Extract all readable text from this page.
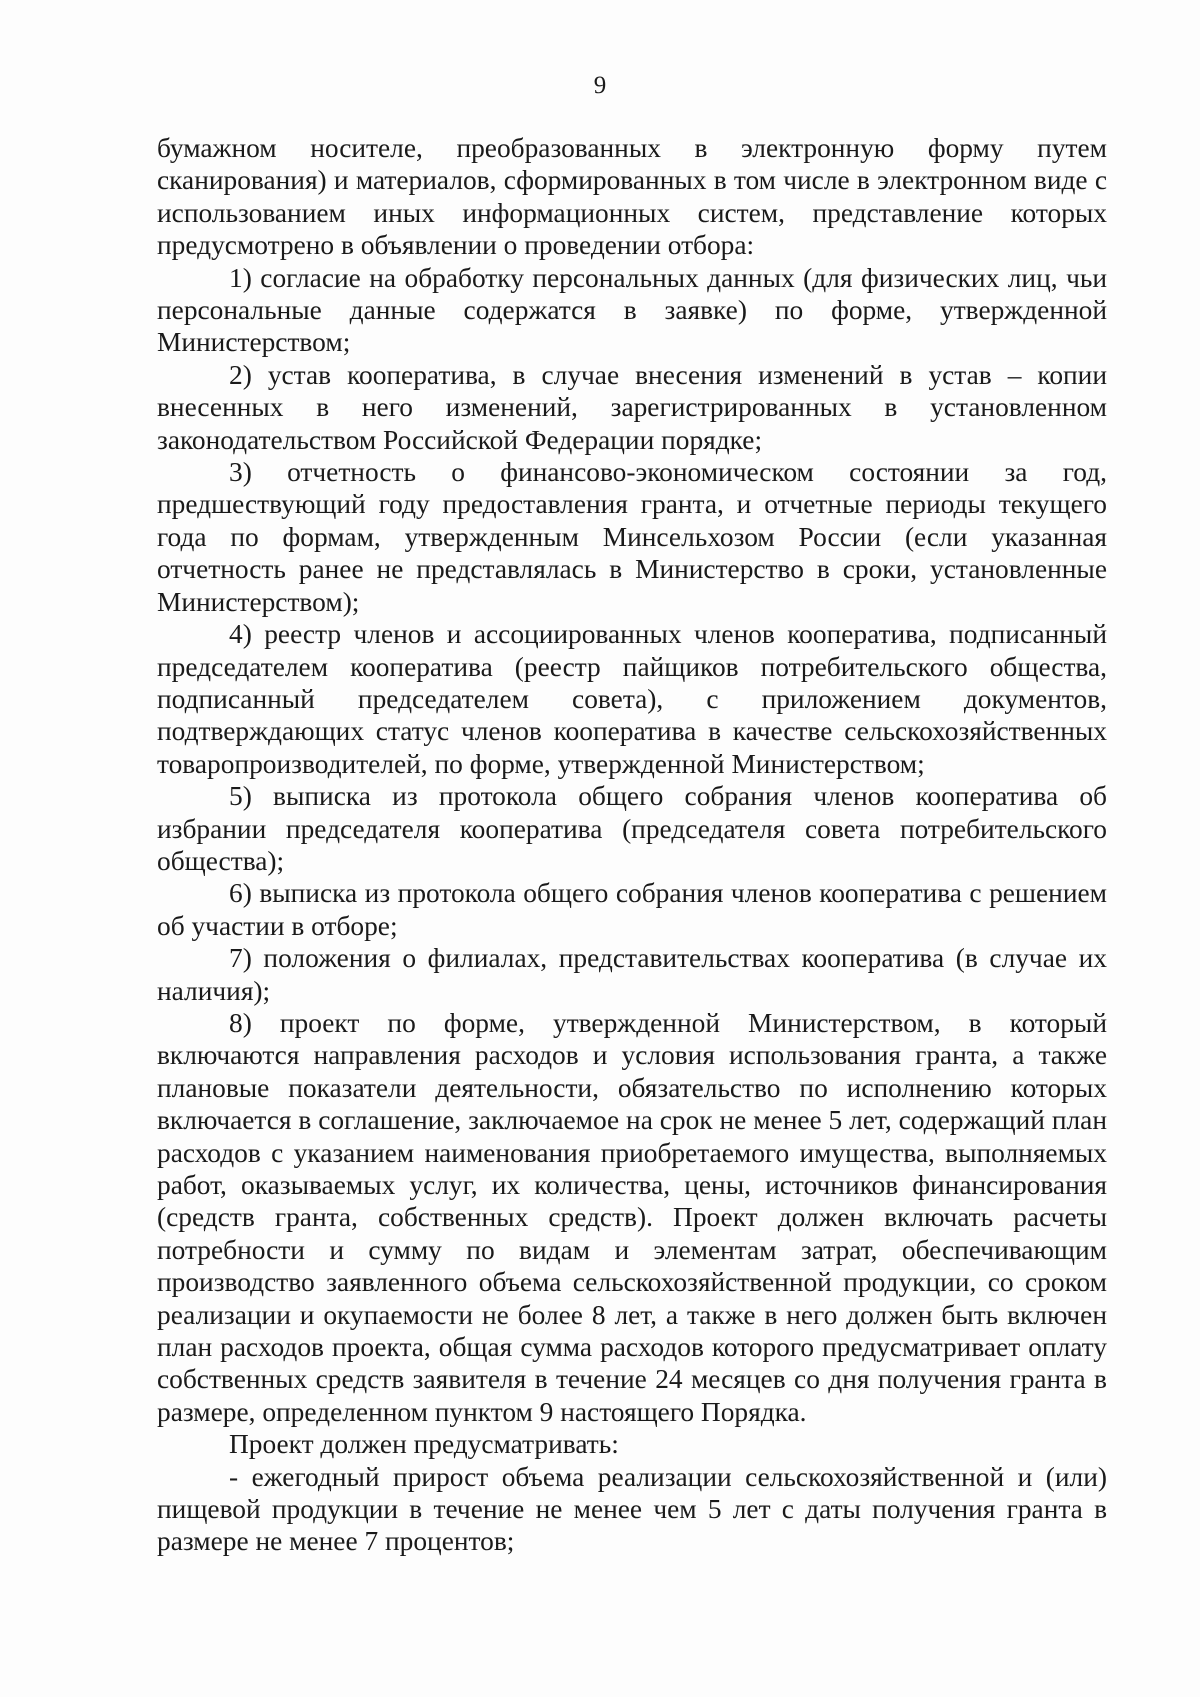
9

бумажном носителе, преобразованных в электронную форму путем сканирования) и материалов, сформированных в том числе в электронном виде с использованием иных информационных систем, представление которых предусмотрено в объявлении о проведении отбора:

1) согласие на обработку персональных данных (для физических лиц, чьи персональные данные содержатся в заявке) по форме, утвержденной Министерством;

2) устав кооператива, в случае внесения изменений в устав – копии внесенных в него изменений, зарегистрированных в установленном законодательством Российской Федерации порядке;

3) отчетность о финансово-экономическом состоянии за год, предшествующий году предоставления гранта, и отчетные периоды текущего года по формам, утвержденным Минсельхозом России (если указанная отчетность ранее не представлялась в Министерство в сроки, установленные Министерством);

4) реестр членов и ассоциированных членов кооператива, подписанный председателем кооператива (реестр пайщиков потребительского общества, подписанный председателем совета), с приложением документов, подтверждающих статус членов кооператива в качестве сельскохозяйственных товаропроизводителей, по форме, утвержденной Министерством;

5) выписка из протокола общего собрания членов кооператива об избрании председателя кооператива (председателя совета потребительского общества);

6) выписка из протокола общего собрания членов кооператива с решением об участии в отборе;

7) положения о филиалах, представительствах кооператива (в случае их наличия);

8) проект по форме, утвержденной Министерством, в который включаются направления расходов и условия использования гранта, а также плановые показатели деятельности, обязательство по исполнению которых включается в соглашение, заключаемое на срок не менее 5 лет, содержащий план расходов с указанием наименования приобретаемого имущества, выполняемых работ, оказываемых услуг, их количества, цены, источников финансирования (средств гранта, собственных средств). Проект должен включать расчеты потребности и сумму по видам и элементам затрат, обеспечивающим производство заявленного объема сельскохозяйственной продукции, со сроком реализации и окупаемости не более 8 лет, а также в него должен быть включен план расходов проекта, общая сумма расходов которого предусматривает оплату собственных средств заявителя в течение 24 месяцев со дня получения гранта в размере, определенном пунктом 9 настоящего Порядка.

Проект должен предусматривать:

- ежегодный прирост объема реализации сельскохозяйственной и (или) пищевой продукции в течение не менее чем 5 лет с даты получения гранта в размере не менее 7 процентов;
